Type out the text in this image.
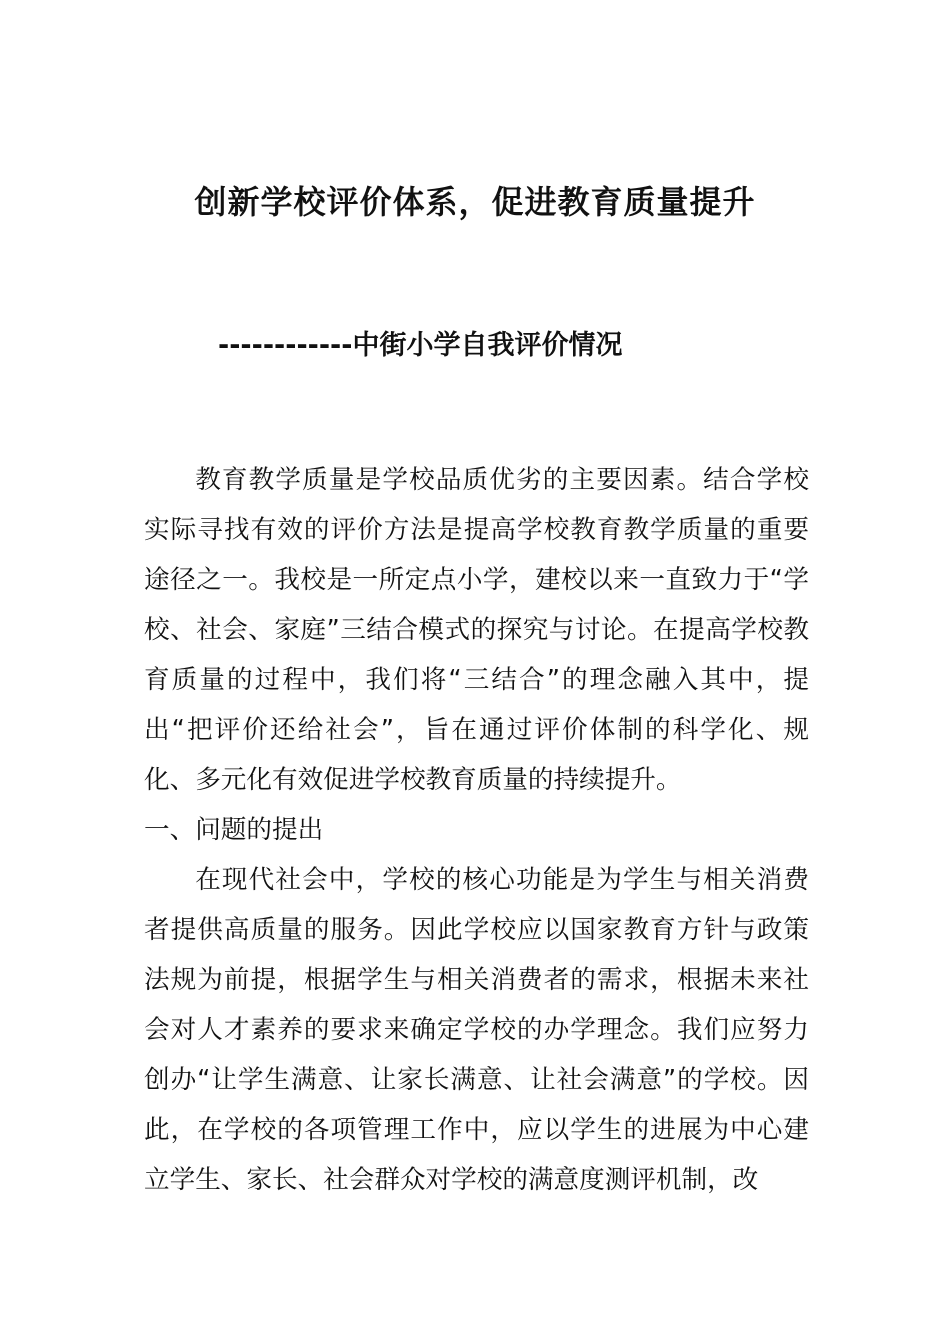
创新学校评价体系，促进教育质量提升
------------中街小学自我评价情况

教育教学质量是学校品质优劣的主要因素。结合学校实际寻找有效的评价方法是提高学校教育教学质量的重要途径之一。我校是一所定点小学，建校以来一直致力于“学校、社会、家庭”三结合模式的探究与讨论。在提高学校教育质量的过程中，我们将“三结合”的理念融入其中，提出“把评价还给社会”，旨在通过评价体制的科学化、规化、多元化有效促进学校教育质量的持续提升。

一、问题的提出

在现代社会中，学校的核心功能是为学生与相关消费者提供高质量的服务。因此学校应以国家教育方针与政策法规为前提，根据学生与相关消费者的需求，根据未来社会对人才素养的要求来确定学校的办学理念。我们应努力创办“让学生满意、让家长满意、让社会满意”的学校。因此，在学校的各项管理工作中，应以学生的进展为中心建立学生、家长、社会群众对学校的满意度测评机制，改
